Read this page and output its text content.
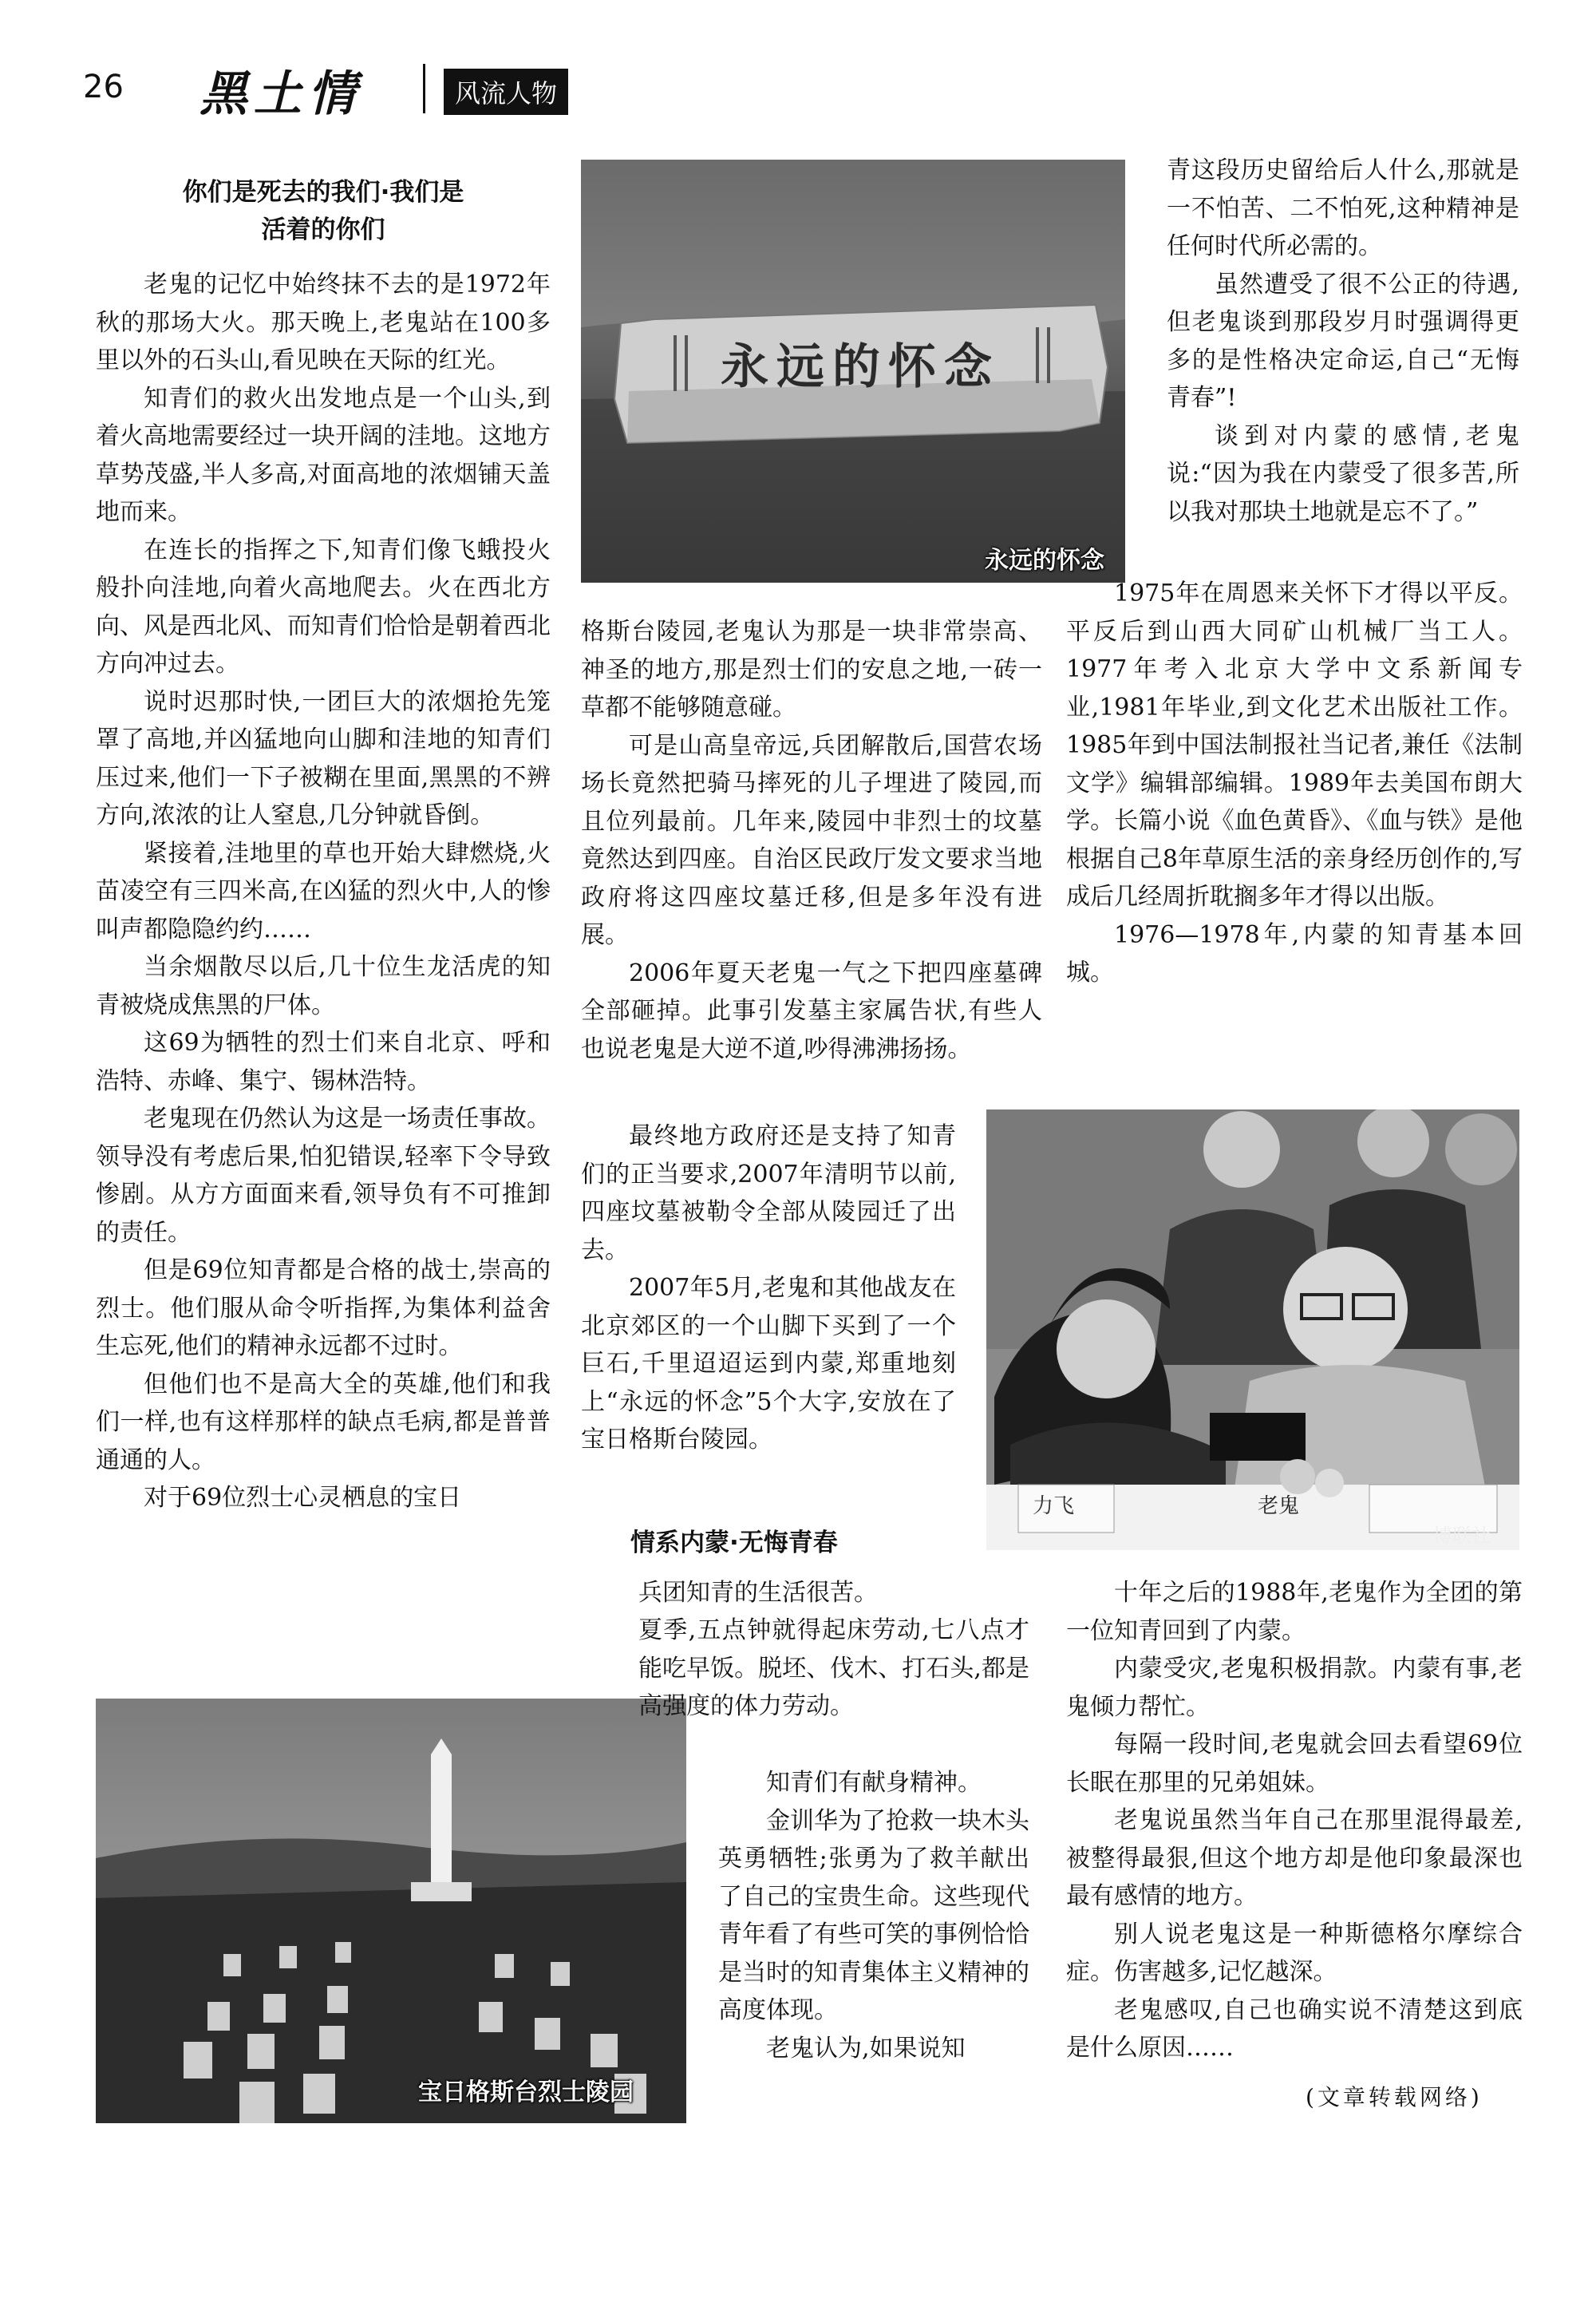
26 黑土情	风流人物
你们是死去的我们·我们是
活着的你们

老鬼的记忆中始终抹不去的是1972年秋的那场大火。那天晚上,老鬼站在100多里以外的石头山,看见映在天际的红光。

知青们的救火出发地点是一个山头,到着火高地需要经过一块开阔的洼地。这地方草势茂盛,半人多高,对面高地的浓烟铺天盖地而来。

在连长的指挥之下,知青们像飞蛾投火般扑向洼地,向着火高地爬去。火在西北方向、风是西北风、而知青们恰恰是朝着西北方向冲过去。

说时迟那时快,一团巨大的浓烟抢先笼罩了高地,并凶猛地向山脚和洼地的知青们压过来,他们一下子被糊在里面,黑黑的不辨方向,浓浓的让人窒息,几分钟就昏倒。

紧接着,洼地里的草也开始大肆燃烧,火苗凌空有三四米高,在凶猛的烈火中,人的惨叫声都隐隐约约……

当余烟散尽以后,几十位生龙活虎的知青被烧成焦黑的尸体。

这69为牺牲的烈士们来自北京、呼和浩特、赤峰、集宁、锡林浩特。

老鬼现在仍然认为这是一场责任事故。领导没有考虑后果,怕犯错误,轻率下令导致惨剧。从方方面面来看,领导负有不可推卸的责任。

但是69位知青都是合格的战士,崇高的烈士。他们服从命令听指挥,为集体利益舍生忘死,他们的精神永远都不过时。

但他们也不是高大全的英雄,他们和我们一样,也有这样那样的缺点毛病,都是普普通通的人。

对于69位烈士心灵栖息的宝日

永远的怀念
永远的怀念

青这段历史留给后人什么,那就是一不怕苦、二不怕死,这种精神是任何时代所必需的。

虽然遭受了很不公正的待遇,但老鬼谈到那段岁月时强调得更多的是性格决定命运,自己“无悔青春”!

谈到对内蒙的感情,老鬼说:“因为我在内蒙受了很多苦,所以我对那块土地就是忘不了。”

格斯台陵园,老鬼认为那是一块非常崇高、神圣的地方,那是烈士们的安息之地,一砖一草都不能够随意碰。

可是山高皇帝远,兵团解散后,国营农场场长竟然把骑马摔死的儿子埋进了陵园,而且位列最前。几年来,陵园中非烈士的坟墓竟然达到四座。自治区民政厅发文要求当地政府将这四座坟墓迁移,但是多年没有进展。

2006年夏天老鬼一气之下把四座墓碑全部砸掉。此事引发墓主家属告状,有些人也说老鬼是大逆不道,吵得沸沸扬扬。

1975年在周恩来关怀下才得以平反。平反后到山西大同矿山机械厂当工人。1977年考入北京大学中文系新闻专业,1981年毕业,到文化艺术出版社工作。1985年到中国法制报社当记者,兼任《法制文学》编辑部编辑。1989年去美国布朗大学。长篇小说《血色黄昏》、《血与铁》是他根据自己8年草原生活的亲身经历创作的,写成后几经周折耽搁多年才得以出版。

1976—1978年,内蒙的知青基本回城。

最终地方政府还是支持了知青们的正当要求,2007年清明节以前,四座坟墓被勒令全部从陵园迁了出去。

2007年5月,老鬼和其他战友在北京郊区的一个山脚下买到了一个巨石,千里迢迢运到内蒙,郑重地刻上“永远的怀念”5个大字,安放在了宝日格斯台陵园。

力飞	老鬼
博联社
情系内蒙·无悔青春
宝日格斯台烈士陵园

兵团知青的生活很苦。

夏季,五点钟就得起床劳动,七八点才能吃早饭。脱坯、伐木、打石头,都是高强度的体力劳动。

知青们有献身精神。

金训华为了抢救一块木头英勇牺牲;张勇为了救羊献出了自己的宝贵生命。这些现代青年看了有些可笑的事例恰恰是当时的知青集体主义精神的高度体现。

老鬼认为,如果说知

十年之后的1988年,老鬼作为全团的第一位知青回到了内蒙。

内蒙受灾,老鬼积极捐款。内蒙有事,老鬼倾力帮忙。

每隔一段时间,老鬼就会回去看望69位长眠在那里的兄弟姐妹。

老鬼说虽然当年自己在那里混得最差,被整得最狠,但这个地方却是他印象最深也最有感情的地方。

别人说老鬼这是一种斯德格尔摩综合症。伤害越多,记忆越深。

老鬼感叹,自己也确实说不清楚这到底是什么原因……

(文章转载网络)
